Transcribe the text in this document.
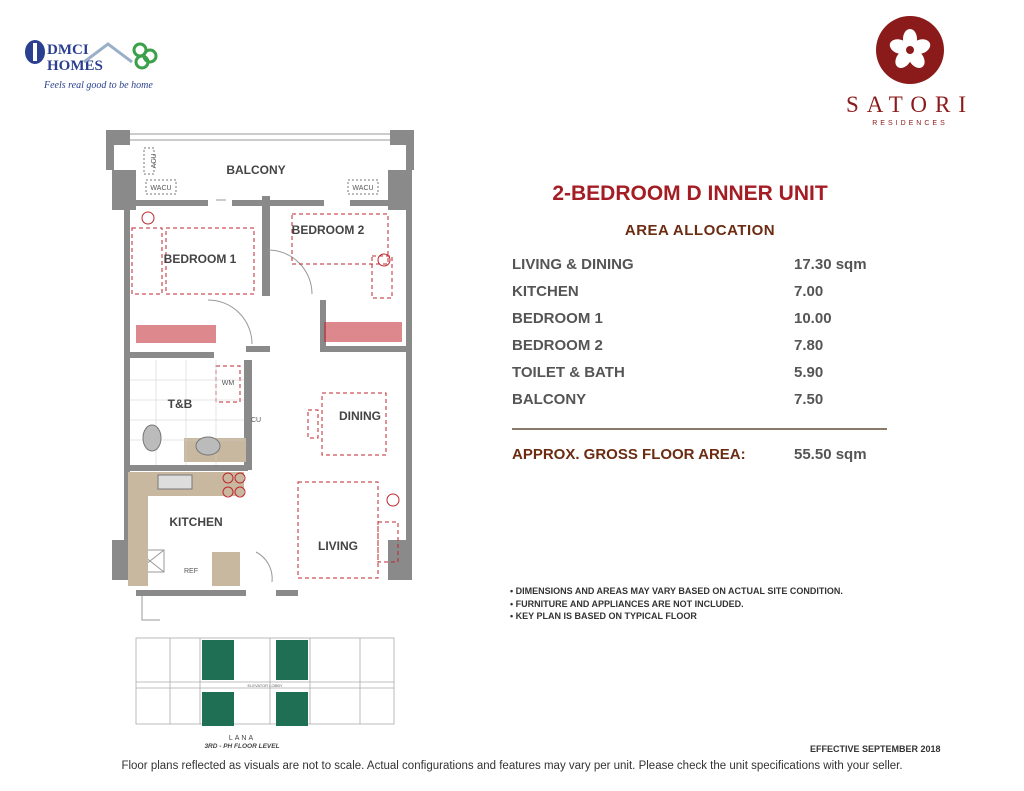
DMCI
HOMES
Feels real good to be home
SATORI
RESIDENCES
BALCONY
BEDROOM 1
BEDROOM 2
T&B
DINING
KITCHEN
LIVING
ACU
WACU	WACU
WM
REF
CU
ELEVATOR LOBBY
LANA
3RD - PH FLOOR LEVEL
2-BEDROOM D INNER UNIT
AREA ALLOCATION
LIVING & DINING	17.30 sqm
KITCHEN	7.00
BEDROOM 1	10.00
BEDROOM 2	7.80
TOILET & BATH	5.90
BALCONY	7.50
APPROX. GROSS FLOOR AREA:	55.50 sqm
• DIMENSIONS AND AREAS MAY VARY BASED ON ACTUAL SITE CONDITION.
• FURNITURE AND APPLIANCES ARE NOT INCLUDED.
• KEY PLAN IS BASED ON TYPICAL FLOOR
EFFECTIVE SEPTEMBER 2018
Floor plans reflected as visuals are not to scale. Actual configurations and features may vary per unit. Please check the unit specifications with your seller.
